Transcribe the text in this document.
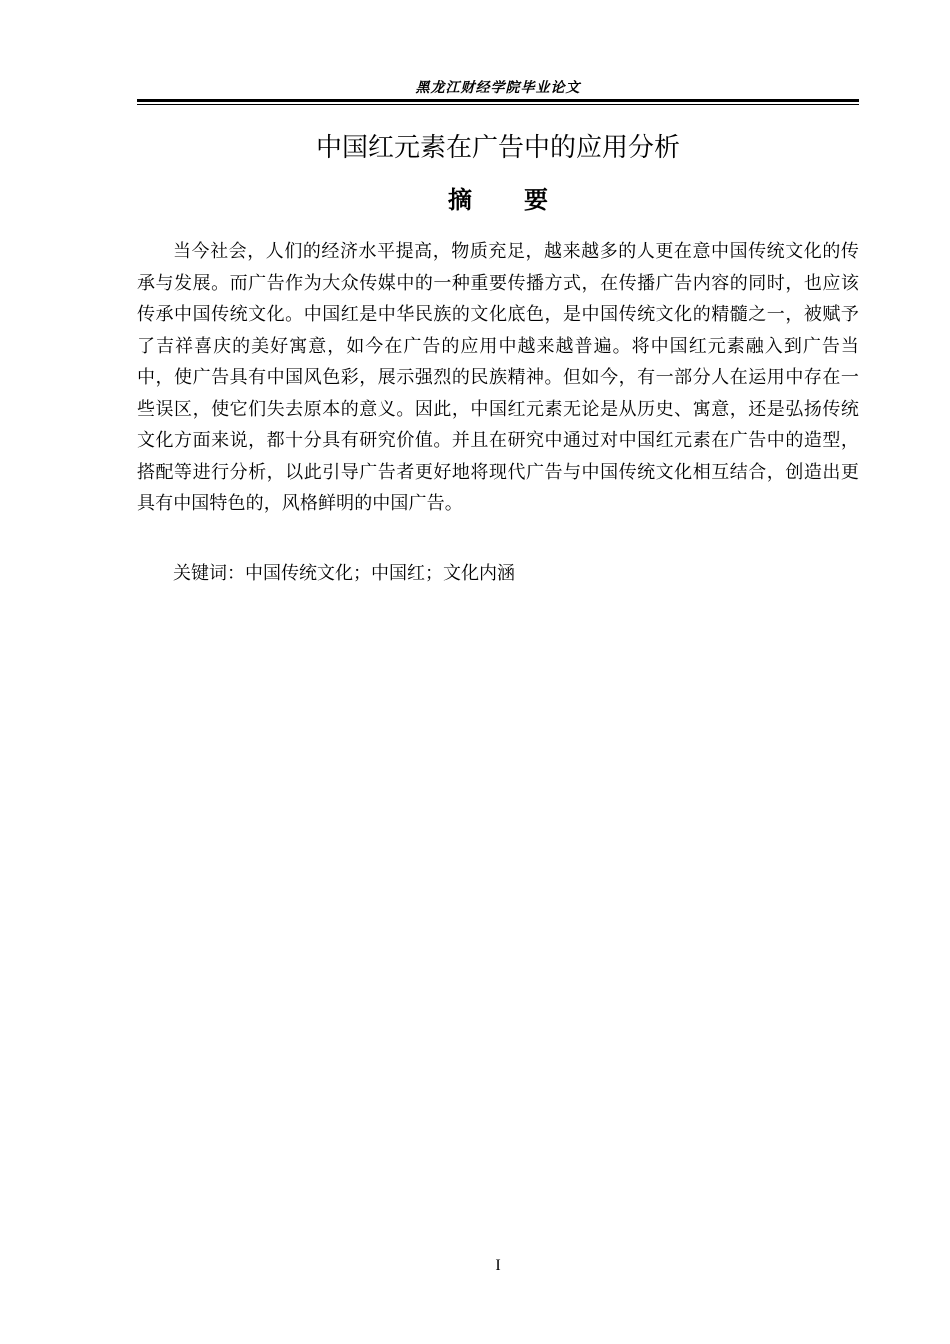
黑龙江财经学院毕业论文
中国红元素在广告中的应用分析
摘要

当今社会，人们的经济水平提高，物质充足，越来越多的人更在意中国传统文化的传承与发展。而广告作为大众传媒中的一种重要传播方式，在传播广告内容的同时，也应该传承中国传统文化。中国红是中华民族的文化底色，是中国传统文化的精髓之一，被赋予了吉祥喜庆的美好寓意，如今在广告的应用中越来越普遍。将中国红元素融入到广告当中，使广告具有中国风色彩，展示强烈的民族精神。但如今，有一部分人在运用中存在一些误区，使它们失去原本的意义。因此，中国红元素无论是从历史、寓意，还是弘扬传统文化方面来说，都十分具有研究价值。并且在研究中通过对中国红元素在广告中的造型，搭配等进行分析，以此引导广告者更好地将现代广告与中国传统文化相互结合，创造出更具有中国特色的，风格鲜明的中国广告。

关键词：中国传统文化；中国红；文化内涵
I
